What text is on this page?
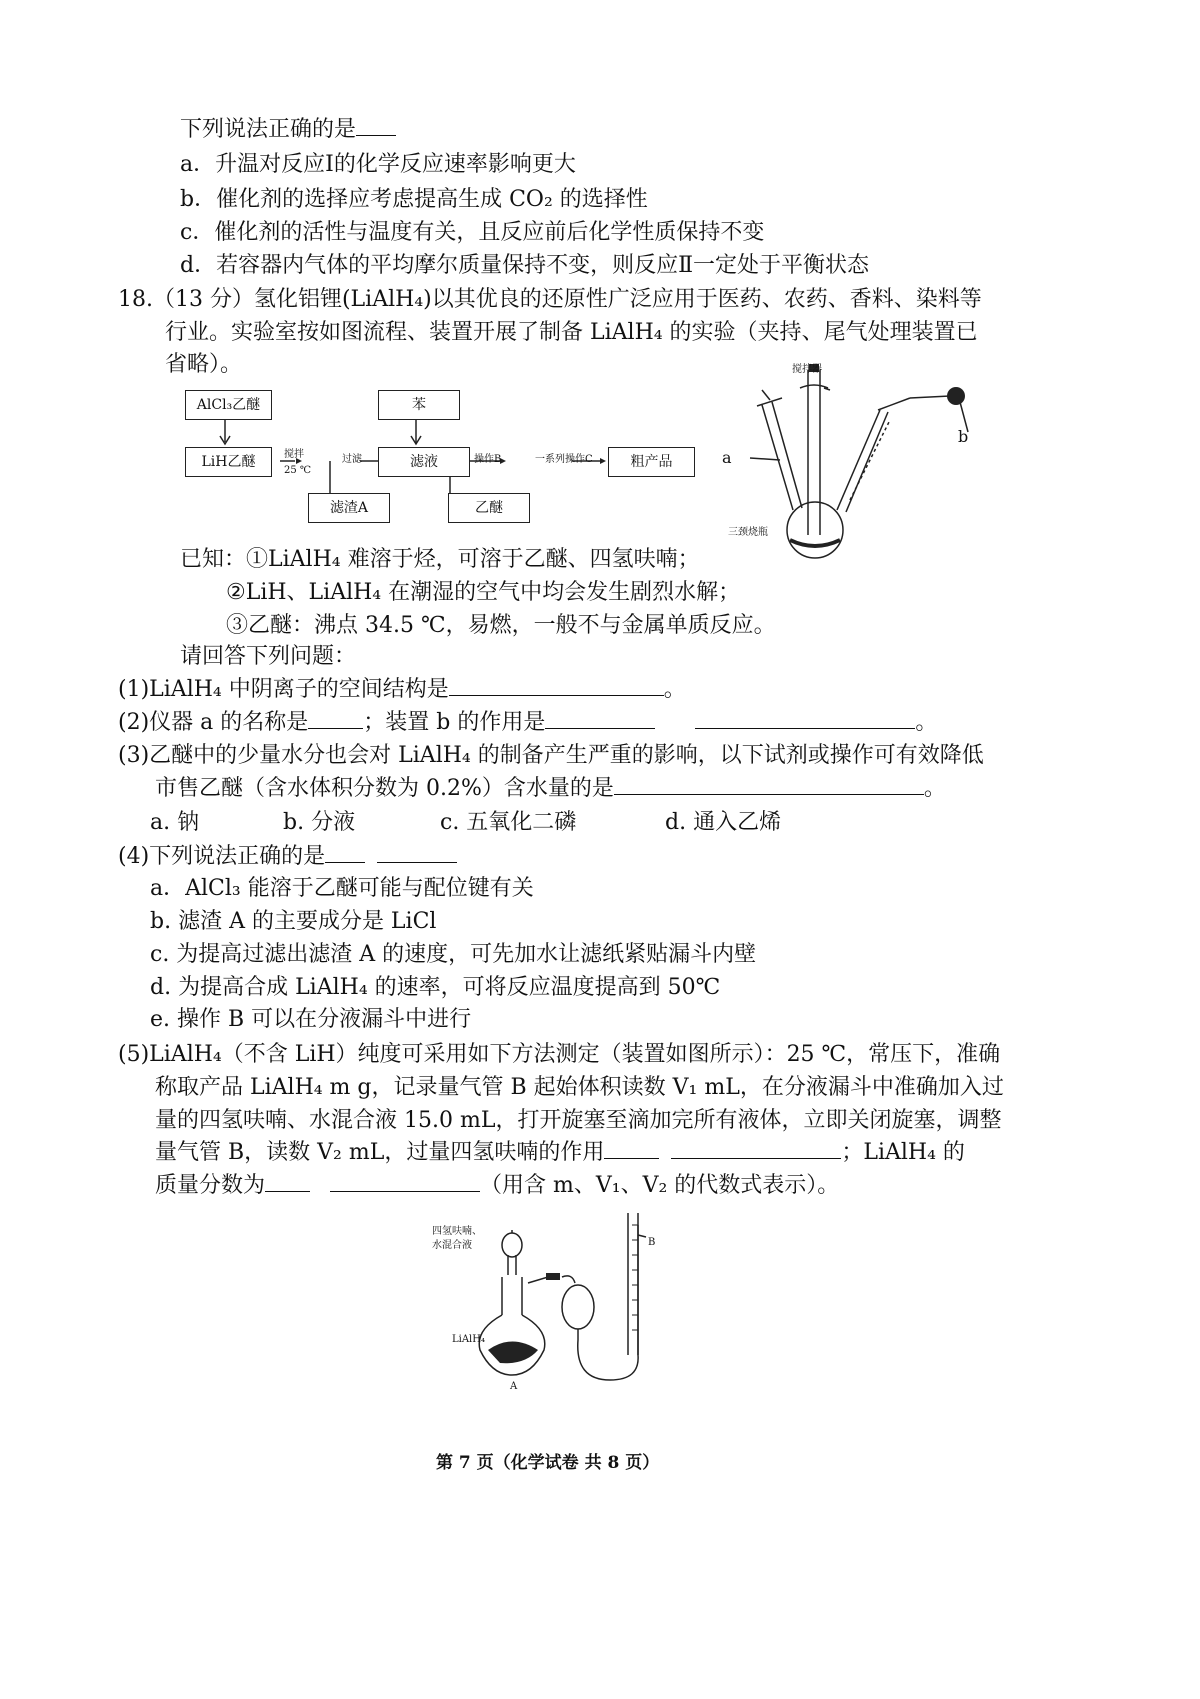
下列说法正确的是
a．升温对反应Ⅰ的化学反应速率影响更大
b．催化剂的选择应考虑提高生成 CO₂ 的选择性
c．催化剂的活性与温度有关，且反应前后化学性质保持不变
d．若容器内气体的平均摩尔质量保持不变，则反应Ⅱ一定处于平衡状态
18.（13 分）氢化铝锂(LiAlH₄)以其优良的还原性广泛应用于医药、农药、香料、染料等
行业。实验室按如图流程、装置开展了制备 LiAlH₄ 的实验（夹持、尾气处理装置已
省略）。
AlCl₃乙醚
LiH乙醚	搅拌
25 ℃
过滤
苯
滤液	操作B	一系列操作C	粗产品
滤渣A	乙醚
搅拌器
a
b
三颈烧瓶
已知：①LiAlH₄ 难溶于烃，可溶于乙醚、四氢呋喃；
②LiH、LiAlH₄ 在潮湿的空气中均会发生剧烈水解；
③乙醚：沸点 34.5 ℃，易燃，一般不与金属单质反应。
请回答下列问题：
(1)LiAlH₄ 中阴离子的空间结构是	。
(2)仪器 a 的名称是	；装置 b 的作用是	。
(3)乙醚中的少量水分也会对 LiAlH₄ 的制备产生严重的影响，以下试剂或操作可有效降低
市售乙醚（含水体积分数为 0.2%）含水量的是	。
a. 钠	b. 分液	c. 五氧化二磷	d. 通入乙烯
(4)下列说法正确的是
a．AlCl₃ 能溶于乙醚可能与配位键有关
b. 滤渣 A 的主要成分是 LiCl
c. 为提高过滤出滤渣 A 的速度，可先加水让滤纸紧贴漏斗内壁
d. 为提高合成 LiAlH₄ 的速率，可将反应温度提高到 50℃
e. 操作 B 可以在分液漏斗中进行
(5)LiAlH₄（不含 LiH）纯度可采用如下方法测定（装置如图所示）：25 ℃，常压下，准确
称取产品 LiAlH₄ m g，记录量气管 B 起始体积读数 V₁ mL，在分液漏斗中准确加入过
量的四氢呋喃、水混合液 15.0 mL，打开旋塞至滴加完所有液体，立即关闭旋塞，调整
量气管 B，读数 V₂ mL，过量四氢呋喃的作用	；LiAlH₄ 的
质量分数为	（用含 m、V₁、V₂ 的代数式表示）。
四氢呋喃、
水混合液
LiAlH₄
A
B
第 7 页（化学试卷 共 8 页）
